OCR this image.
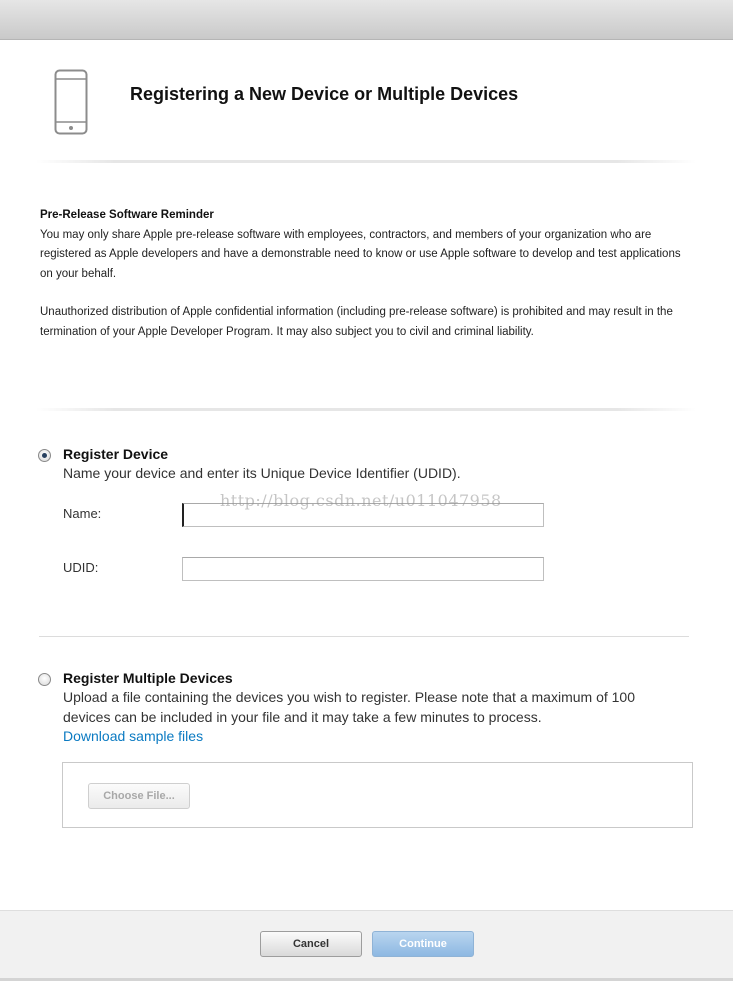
Registering a New Device or Multiple Devices

Pre-Release Software Reminder

You may only share Apple pre-release software with employees, contractors, and members of your organization who are registered as Apple developers and have a demonstrable need to know or use Apple software to develop and test applications on your behalf.

Unauthorized distribution of Apple confidential information (including pre-release software) is prohibited and may result in the termination of your Apple Developer Program. It may also subject you to civil and criminal liability.

Register Device
Name your device and enter its Unique Device Identifier (UDID).
Name:
http://blog.csdn.net/u011047958
UDID:
Register Multiple Devices
Upload a file containing the devices you wish to register. Please note that a maximum of 100 devices can be included in your file and it may take a few minutes to process.
Download sample files
Choose File...
Cancel	Continue
